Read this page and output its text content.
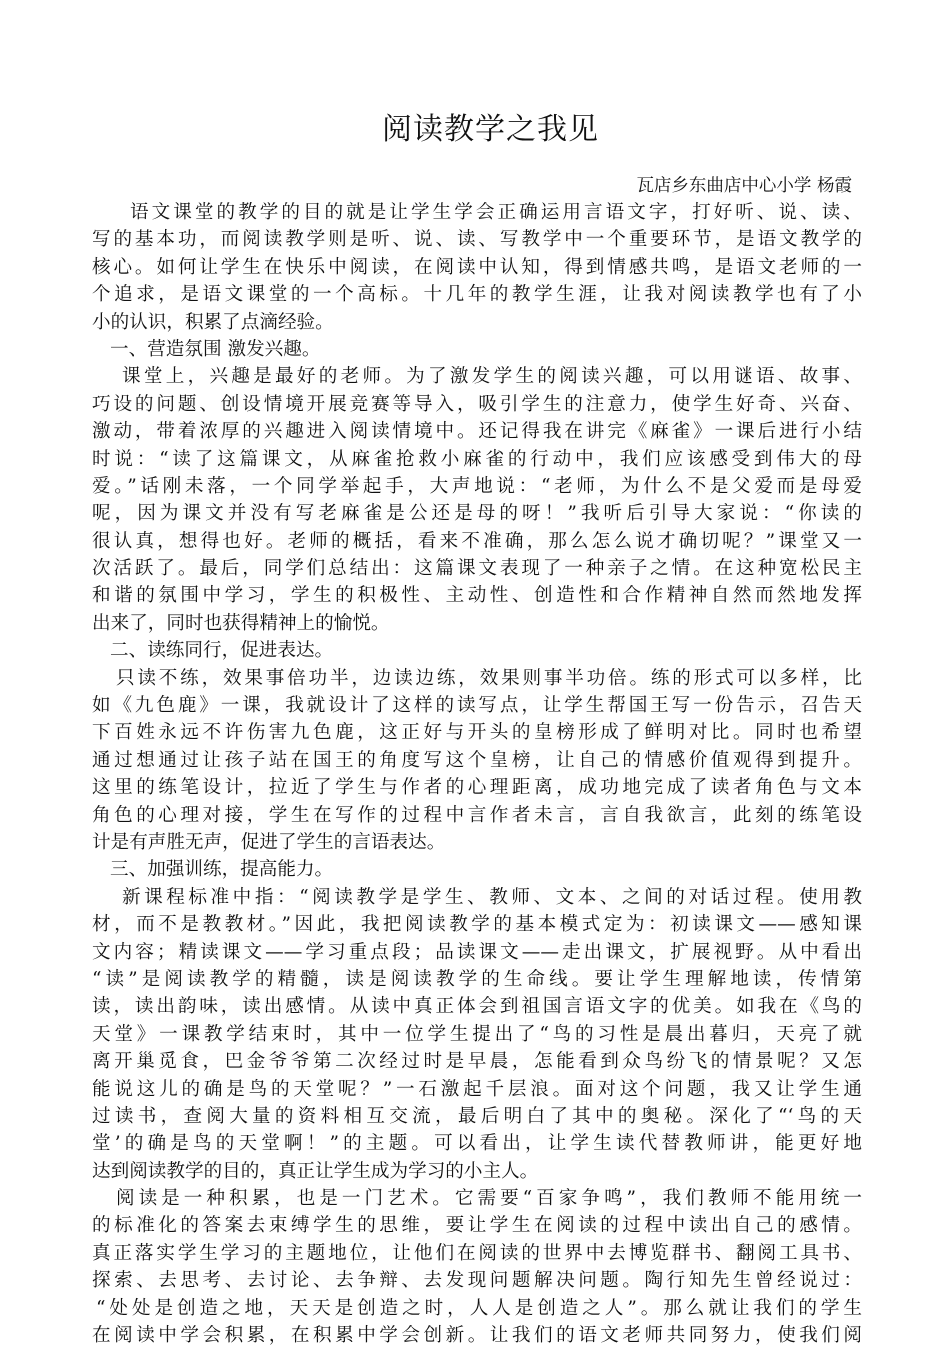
阅读教学之我见
瓦店乡东曲店中心小学 杨霞
语文课堂的教学的目的就是让学生学会正确运用言语文字，打好听、说、读、
写的基本功，而阅读教学则是听、说、读、写教学中一个重要环节，是语文教学的
核心。如何让学生在快乐中阅读，在阅读中认知，得到情感共鸣，是语文老师的一
个追求，是语文课堂的一个高标。十几年的教学生涯，让我对阅读教学也有了小
小的认识，积累了点滴经验。
一、营造氛围 激发兴趣。
课堂上，兴趣是最好的老师。为了激发学生的阅读兴趣，可以用谜语、故事、
巧设的问题、创设情境开展竞赛等导入，吸引学生的注意力，使学生好奇、兴奋、
激动，带着浓厚的兴趣进入阅读情境中。还记得我在讲完《麻雀》一课后进行小结
时说：“读了这篇课文，从麻雀抢救小麻雀的行动中，我们应该感受到伟大的母
爱。”话刚未落，一个同学举起手，大声地说：“老师，为什么不是父爱而是母爱
呢，因为课文并没有写老麻雀是公还是母的呀！”我听后引导大家说：“你读的
很认真，想得也好。老师的概括，看来不准确，那么怎么说才确切呢？”课堂又一
次活跃了。最后，同学们总结出：这篇课文表现了一种亲子之情。在这种宽松民主
和谐的氛围中学习，学生的积极性、主动性、创造性和合作精神自然而然地发挥
出来了，同时也获得精神上的愉悦。
二、读练同行，促进表达。
只读不练，效果事倍功半，边读边练，效果则事半功倍。练的形式可以多样，比
如《九色鹿》一课，我就设计了这样的读写点，让学生帮国王写一份告示，召告天
下百姓永远不许伤害九色鹿，这正好与开头的皇榜形成了鲜明对比。同时也希望
通过想通过让孩子站在国王的角度写这个皇榜，让自己的情感价值观得到提升。
这里的练笔设计，拉近了学生与作者的心理距离，成功地完成了读者角色与文本
角色的心理对接，学生在写作的过程中言作者未言，言自我欲言，此刻的练笔设
计是有声胜无声，促进了学生的言语表达。
三、加强训练，提高能力。
新课程标准中指：“阅读教学是学生、教师、文本、之间的对话过程。使用教
材，而不是教教材。”因此，我把阅读教学的基本模式定为：初读课文——感知课
文内容；精读课文——学习重点段；品读课文——走出课文，扩展视野。从中看出
“读”是阅读教学的精髓，读是阅读教学的生命线。要让学生理解地读，传情第
读，读出韵味，读出感情。从读中真正体会到祖国言语文字的优美。如我在《鸟的
天堂》一课教学结束时，其中一位学生提出了“鸟的习性是晨出暮归，天亮了就
离开巢觅食，巴金爷爷第二次经过时是早晨，怎能看到众鸟纷飞的情景呢？又怎
能说这儿的确是鸟的天堂呢？”一石激起千层浪。面对这个问题，我又让学生通
过读书，查阅大量的资料相互交流，最后明白了其中的奥秘。深化了“‘鸟的天
堂’的确是鸟的天堂啊！”的主题。可以看出，让学生读代替教师讲，能更好地
达到阅读教学的目的，真正让学生成为学习的小主人。
阅读是一种积累，也是一门艺术。它需要“百家争鸣”，我们教师不能用统一
的标准化的答案去束缚学生的思维，要让学生在阅读的过程中读出自己的感情。
真正落实学生学习的主题地位，让他们在阅读的世界中去博览群书、翻阅工具书、
探索、去思考、去讨论、去争辩、去发现问题解决问题。陶行知先生曾经说过：
“处处是创造之地，天天是创造之时，人人是创造之人”。那么就让我们的学生
在阅读中学会积累，在积累中学会创新。让我们的语文老师共同努力，使我们阅
